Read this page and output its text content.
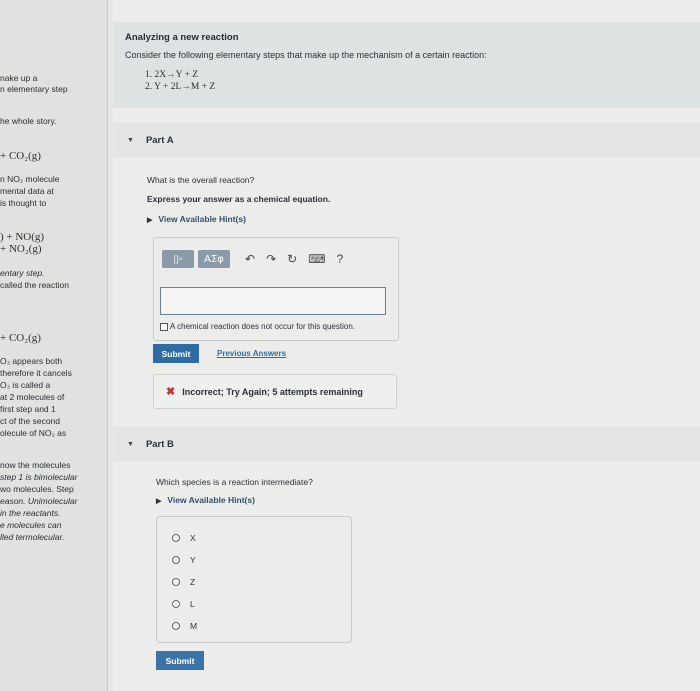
nake up a
n elementary step
he whole story.
+ CO₂(g)
n NO₂ molecule
mental data at
is thought to
) + NO(g)
+ NO₂(g)
entary step.
called the reaction
+ CO₂(g)
O₃ appears both
therefore it cancels
O₃ is called a
at 2 molecules of
first step and 1
ct of the second
olecule of NO₂ as
now the molecules
step 1 is bimolecular
wo molecules. Step
eason. Unimolecular
in the reactants.
e molecules can
lled termolecular.
Analyzing a new reaction
Consider the following elementary steps that make up the mechanism of a certain reaction:
1. 2X→Y + Z
2. Y + 2L→M + Z
▼ Part A
What is the overall reaction?
Express your answer as a chemical equation.
▶ View Available Hint(s)
▯▫	ΑΣφ	↶ ↷ ↻ ⌨ ?
A chemical reaction does not occur for this question.
Submit	Previous Answers
✖ Incorrect; Try Again; 5 attempts remaining
▼ Part B
Which species is a reaction intermediate?
▶ View Available Hint(s)
X
Y
Z
L
M
Submit
